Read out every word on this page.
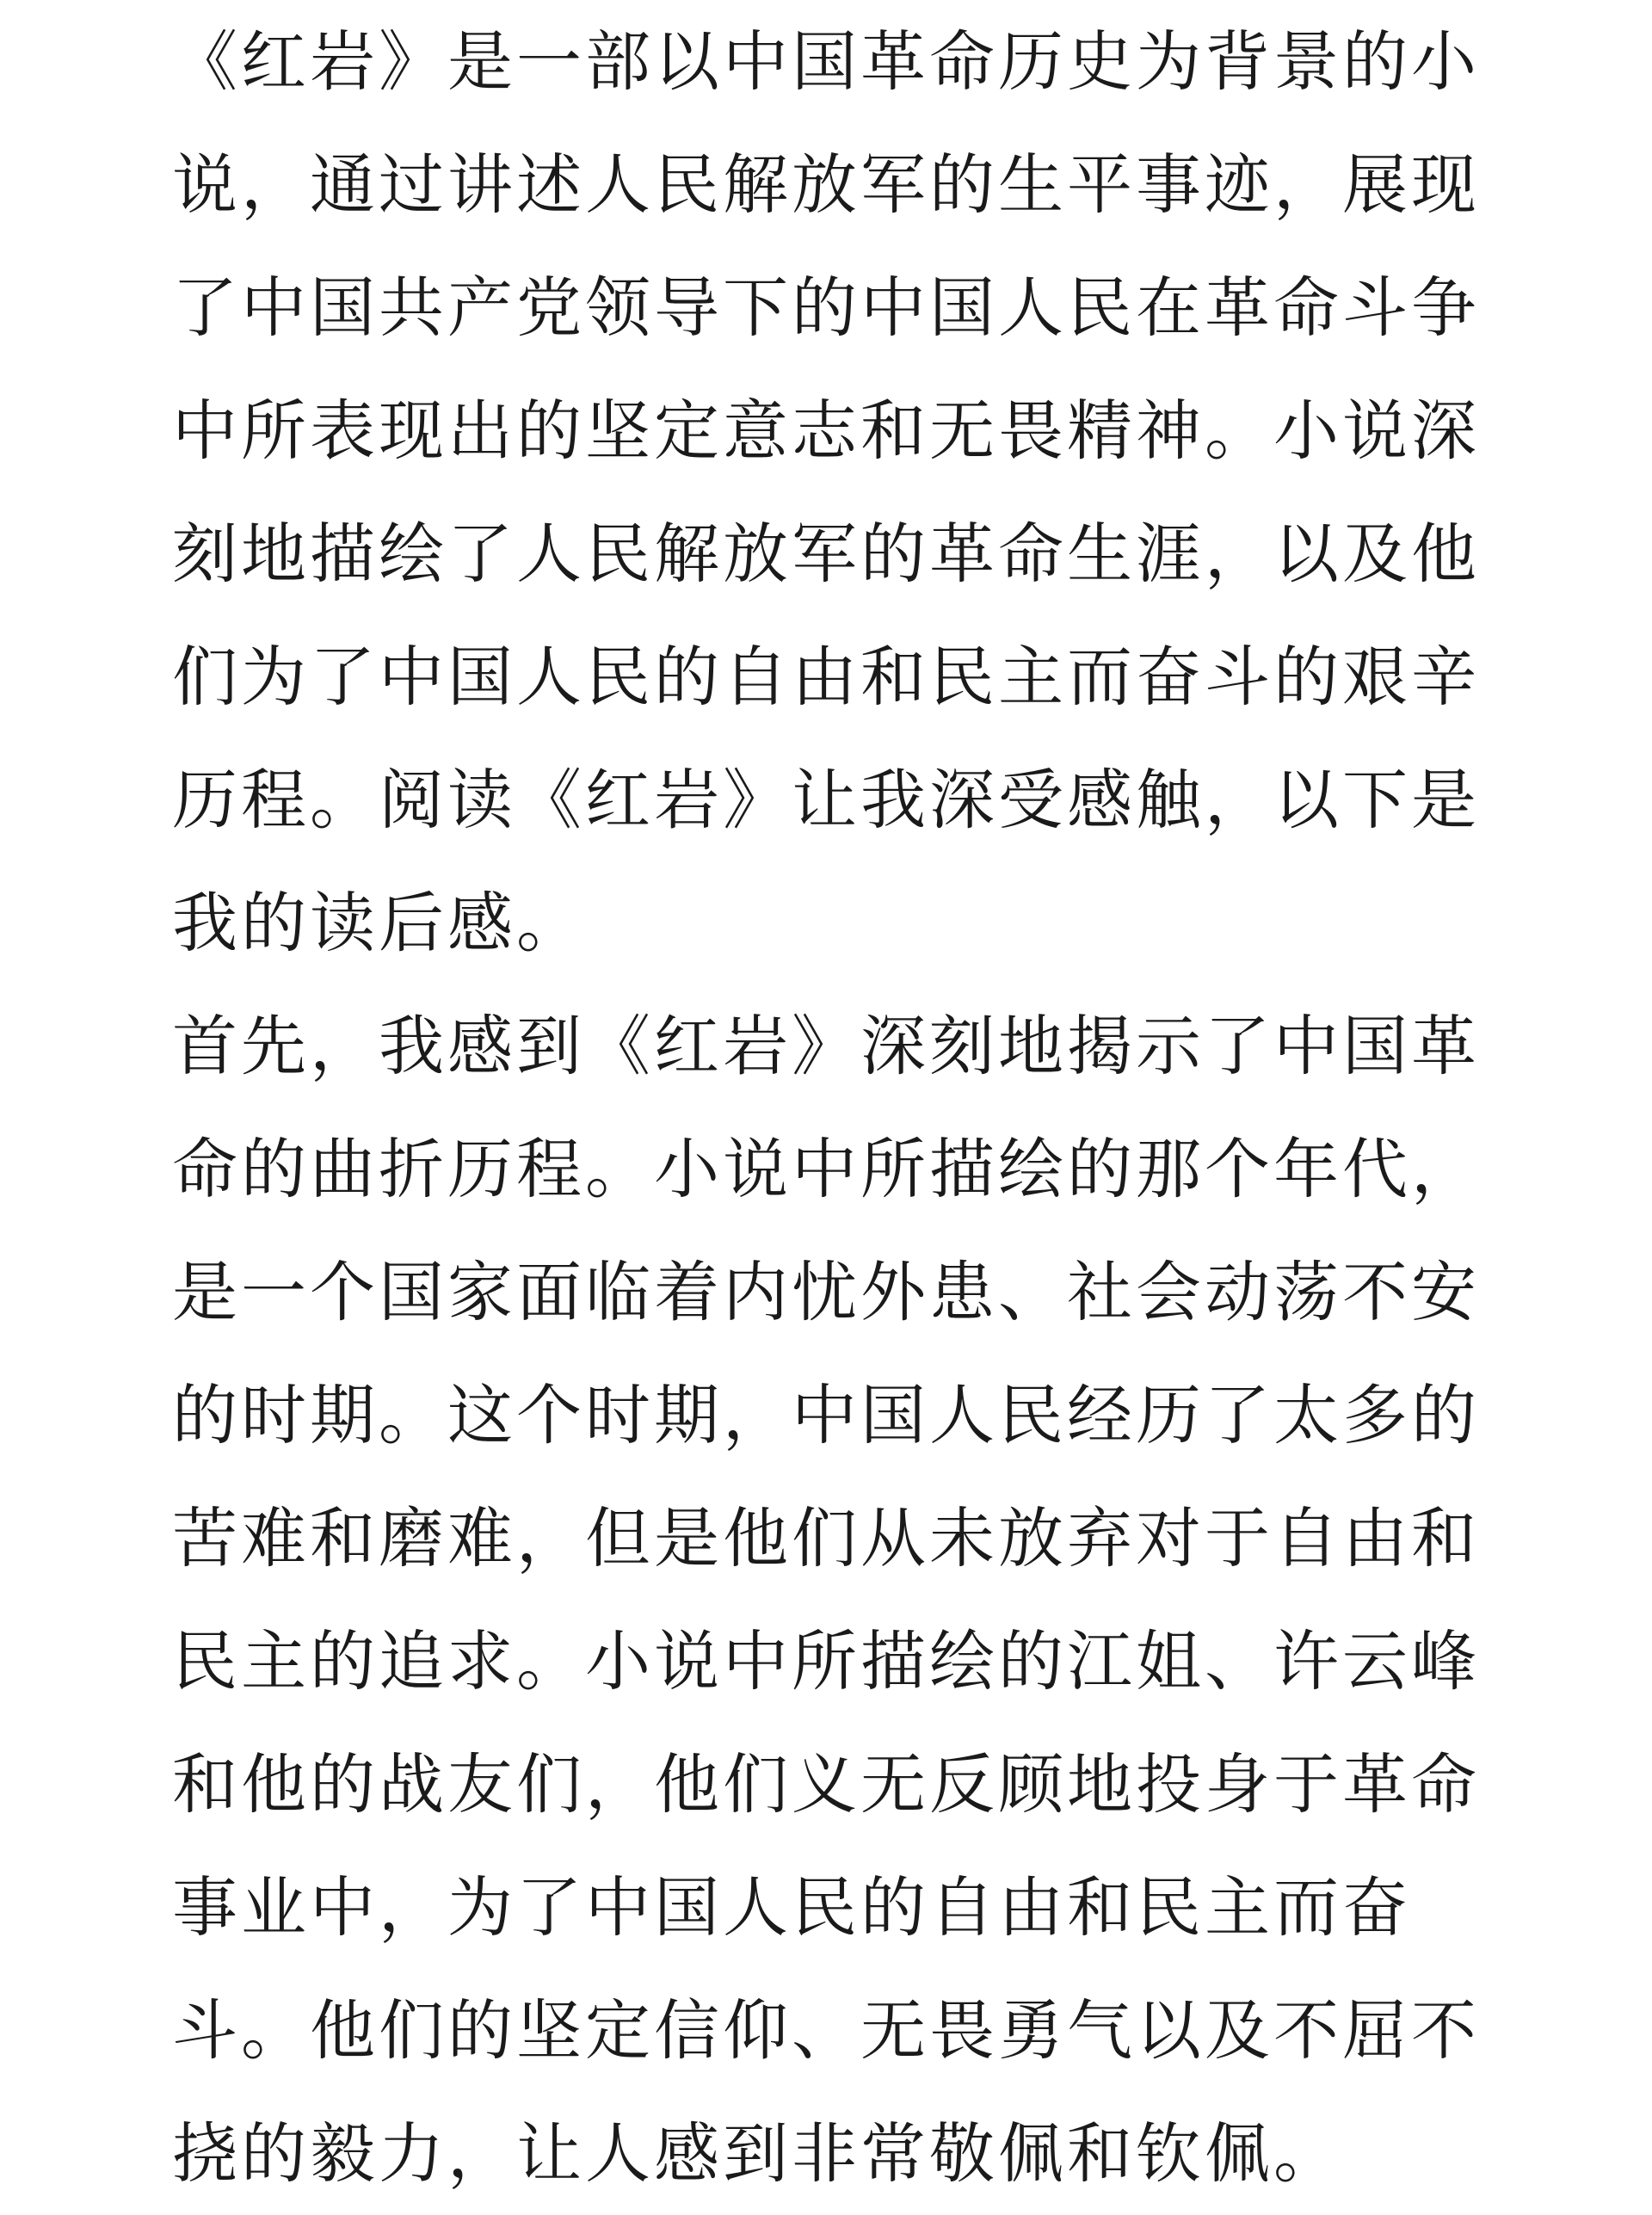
《红岩》是一部以中国革命历史为背景的小
说，通过讲述人民解放军的生平事迹，展现
了中国共产党领导下的中国人民在革命斗争
中所表现出的坚定意志和无畏精神。小说深
刻地描绘了人民解放军的革命生涯，以及他
们为了中国人民的自由和民主而奋斗的艰辛
历程。阅读《红岩》让我深受感触，以下是
我的读后感。
首先，我感到《红岩》深刻地揭示了中国革
命的曲折历程。小说中所描绘的那个年代，
是一个国家面临着内忧外患、社会动荡不安
的时期。这个时期，中国人民经历了太多的
苦难和磨难，但是他们从未放弃对于自由和
民主的追求。小说中所描绘的江姐、许云峰
和他的战友们，他们义无反顾地投身于革命
事业中，为了中国人民的自由和民主而奋
斗。他们的坚定信仰、无畏勇气以及不屈不
挠的毅力，让人感到非常敬佩和钦佩。
